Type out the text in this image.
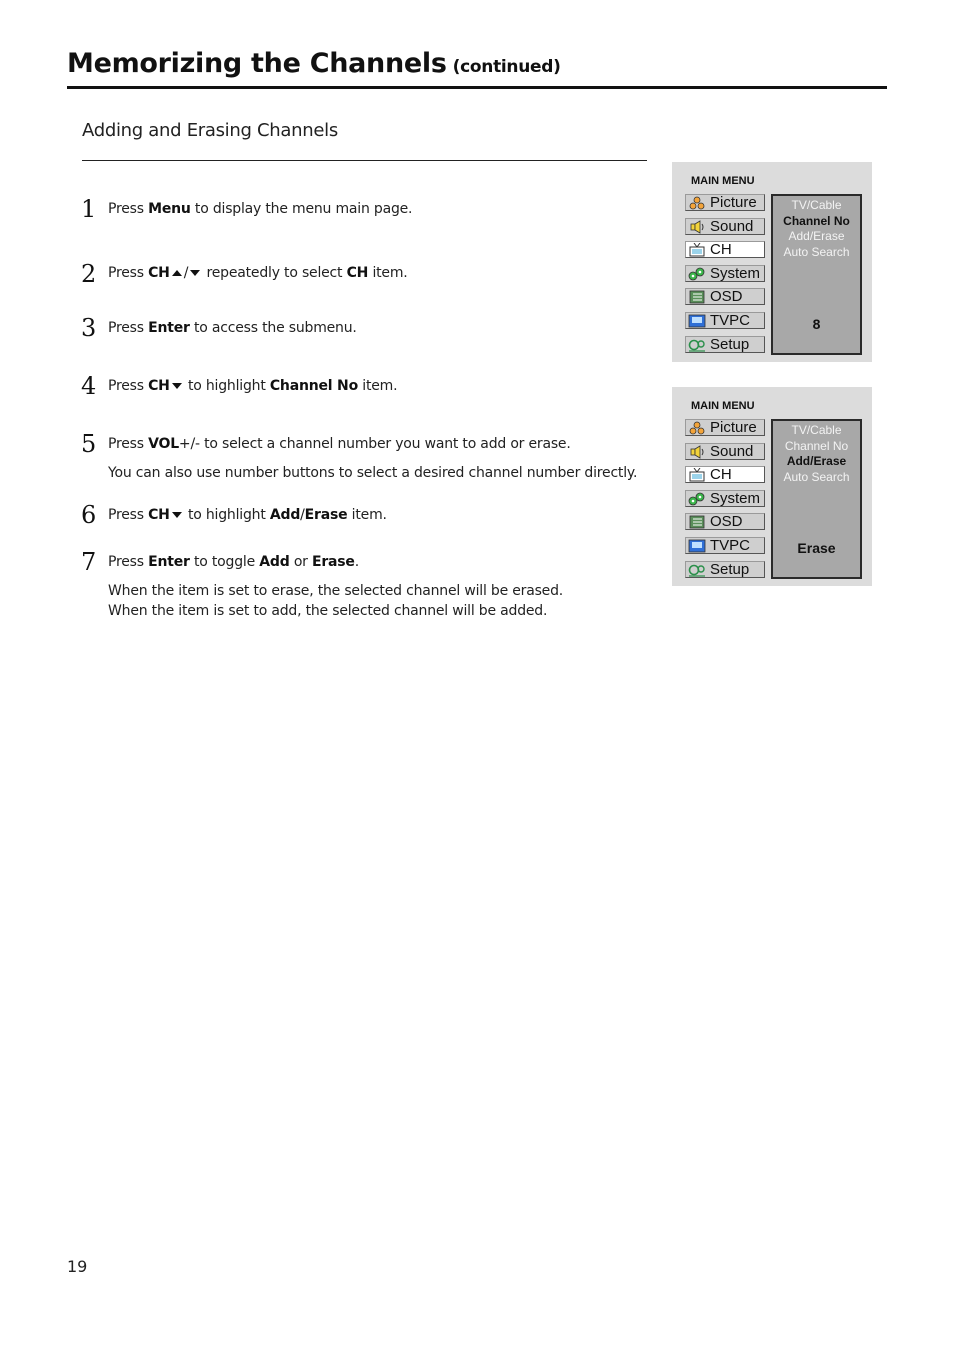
Memorizing the Channels (continued)
Adding and Erasing Channels
1 Press Menu to display the menu main page.
2 Press CH / repeatedly to select CH item.
3 Press Enter to access the submenu.
4 Press CH to highlight Channel No item.
5 Press VOL+/- to select a channel number you want to add or erase.
You can also use number buttons to select a desired channel number directly.
6 Press CH to highlight Add/Erase item.
7 Press Enter to toggle Add or Erase.
When the item is set to erase, the selected channel will be erased.
When the item is set to add, the selected channel will be added.
MAIN MENU
Picture
Sound
CH
System
OSD
TVPC
Setup
TV/Cable
Channel No
Add/Erase
Auto Search
8
MAIN MENU
Picture
Sound
CH
System
OSD
TVPC
Setup
TV/Cable
Channel No
Add/Erase
Auto Search
Erase
19
